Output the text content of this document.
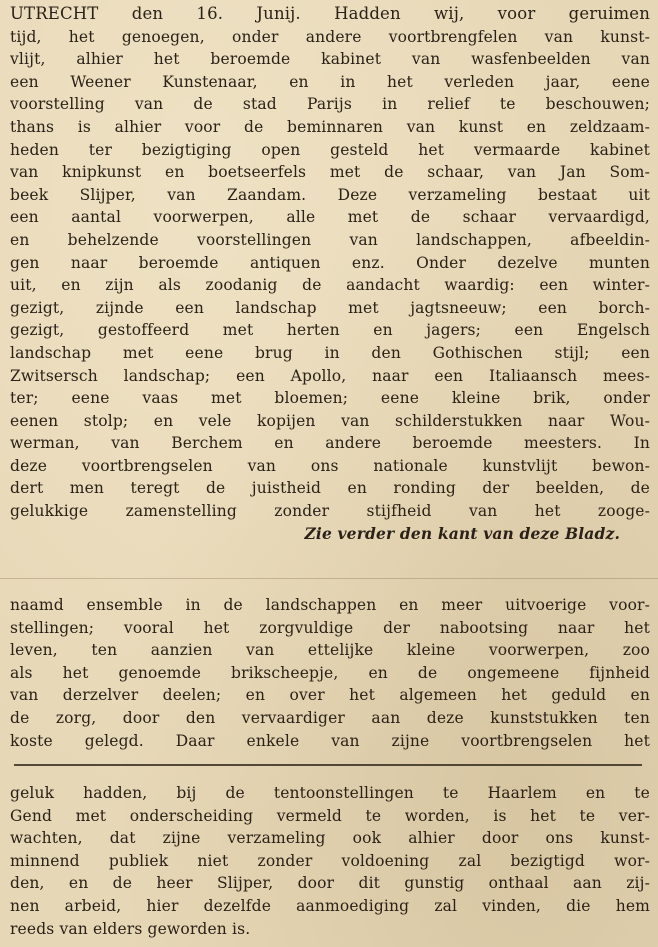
UTRECHT den 16. Junij. Hadden wij, voor geruimen
tijd, het genoegen, onder andere voortbrengfelen van kunst-
vlijt, alhier het beroemde kabinet van wasfenbeelden van
een Weener Kunstenaar, en in het verleden jaar, eene
voorstelling van de stad Parijs in relief te beschouwen;
thans is alhier voor de beminnaren van kunst en zeldzaam-
heden ter bezigtiging open gesteld het vermaarde kabinet
van knipkunst en boetseerfels met de schaar, van Jan Som-
beek Slijper, van Zaandam. Deze verzameling bestaat uit
een aantal voorwerpen, alle met de schaar vervaardigd,
en behelzende voorstellingen van landschappen, afbeeldin-
gen naar beroemde antiquen enz. Onder dezelve munten
uit, en zijn als zoodanig de aandacht waardig: een winter-
gezigt, zijnde een landschap met jagtsneeuw; een borch-
gezigt, gestoffeerd met herten en jagers; een Engelsch
landschap met eene brug in den Gothischen stijl; een
Zwitsersch landschap; een Apollo, naar een Italiaansch mees-
ter; eene vaas met bloemen; eene kleine brik, onder
eenen stolp; en vele kopijen van schilderstukken naar Wou-
werman, van Berchem en andere beroemde meesters. In
deze voortbrengselen van ons nationale kunstvlijt bewon-
dert men teregt de juistheid en ronding der beelden, de
gelukkige zamenstelling zonder stijfheid van het zooge-
Zie verder den kant van deze Bladz.
naamd ensemble in de landschappen en meer uitvoerige voor-
stellingen; vooral het zorgvuldige der nabootsing naar het
leven, ten aanzien van ettelijke kleine voorwerpen, zoo
als het genoemde brikscheepje, en de ongemeene fijnheid
van derzelver deelen; en over het algemeen het geduld en
de zorg, door den vervaardiger aan deze kunststukken ten
koste gelegd. Daar enkele van zijne voortbrengselen het
geluk hadden, bij de tentoonstellingen te Haarlem en te
Gend met onderscheiding vermeld te worden, is het te ver-
wachten, dat zijne verzameling ook alhier door ons kunst-
minnend publiek niet zonder voldoening zal bezigtigd wor-
den, en de heer Slijper, door dit gunstig onthaal aan zij-
nen arbeid, hier dezelfde aanmoediging zal vinden, die hem
reeds van elders geworden is.
